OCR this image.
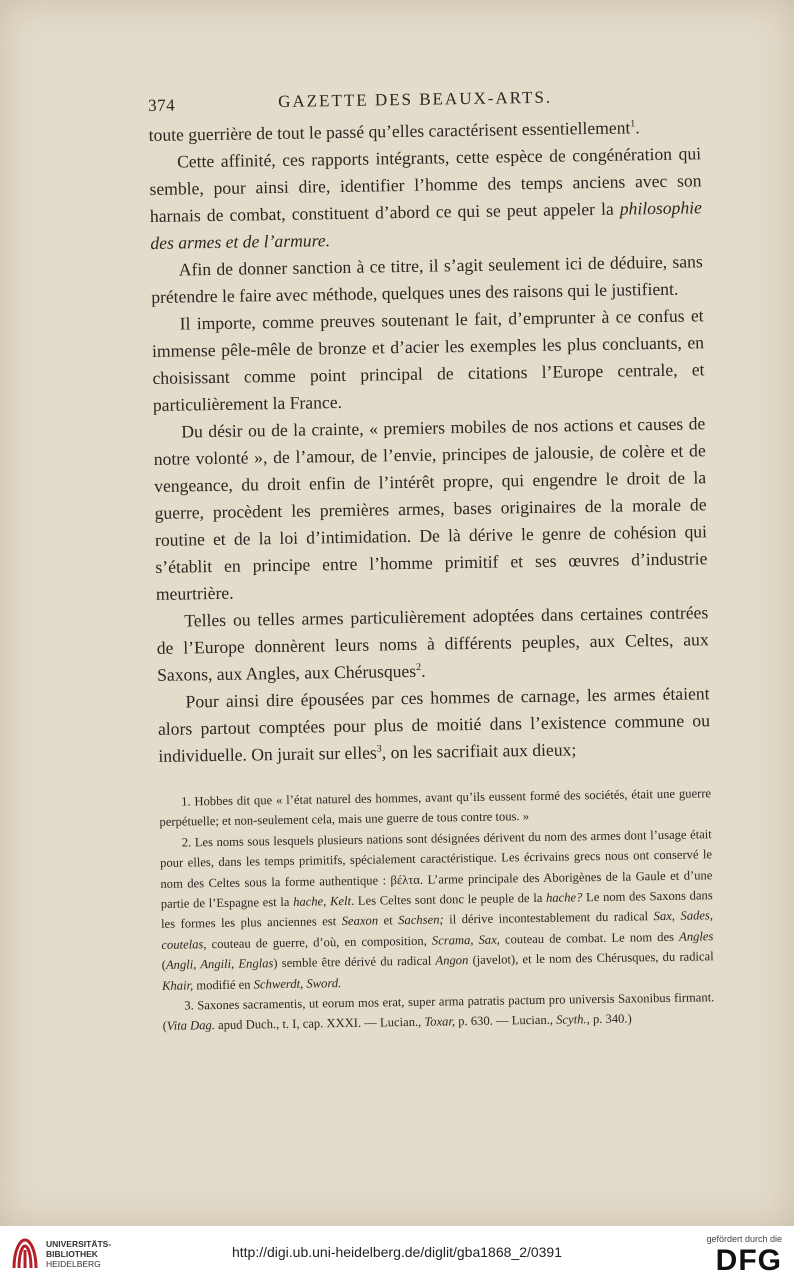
374	GAZETTE DES BEAUX-ARTS.

toute guerrière de tout le passé qu’elles caractérisent essentiellement$^1$.

Cette affinité, ces rapports intégrants, cette espèce de congénération qui semble, pour ainsi dire, identifier l’homme des temps anciens avec son harnais de combat, constituent d’abord ce qui se peut appeler la philosophie des armes et de l’armure.

Afin de donner sanction à ce titre, il s’agit seulement ici de déduire, sans prétendre le faire avec méthode, quelques unes des raisons qui le justifient.

Il importe, comme preuves soutenant le fait, d’emprunter à ce confus et immense pêle-mêle de bronze et d’acier les exemples les plus concluants, en choisissant comme point principal de citations l’Europe centrale, et particulièrement la France.

Du désir ou de la crainte, « premiers mobiles de nos actions et causes de notre volonté », de l’amour, de l’envie, principes de jalousie, de colère et de vengeance, du droit enfin de l’intérêt propre, qui engendre le droit de la guerre, procèdent les premières armes, bases originaires de la morale de routine et de la loi d’intimidation. De là dérive le genre de cohésion qui s’établit en principe entre l’homme primitif et ses œuvres d’industrie meurtrière.

Telles ou telles armes particulièrement adoptées dans certaines contrées de l’Europe donnèrent leurs noms à différents peuples, aux Celtes, aux Saxons, aux Angles, aux Chérusques$^2$.

Pour ainsi dire épousées par ces hommes de carnage, les armes étaient alors partout comptées pour plus de moitié dans l’existence commune ou individuelle. On jurait sur elles$^3$, on les sacrifiait aux dieux;

1. Hobbes dit que « l’état naturel des hommes, avant qu’ils eussent formé des sociétés, était une guerre perpétuelle; et non-seulement cela, mais une guerre de tous contre tous. »

2. Les noms sous lesquels plusieurs nations sont désignées dérivent du nom des armes dont l’usage était pour elles, dans les temps primitifs, spécialement caractéristique. Les écrivains grecs nous ont conservé le nom des Celtes sous la forme authentique : βέλτα. L’arme principale des Aborigènes de la Gaule et d’une partie de l’Espagne est la hache, Kelt. Les Celtes sont donc le peuple de la hache? Le nom des Saxons dans les formes les plus anciennes est Seaxon et Sachsen; il dérive incontestablement du radical Sax, Sades, coutelas, couteau de guerre, d’où, en composition, Scrama, Sax, couteau de combat. Le nom des Angles (Angli, Angili, Englas) semble être dérivé du radical Angon (javelot), et le nom des Chérusques, du radical Khair, modifié en Schwerdt, Sword.

3. Saxones sacramentis, ut eorum mos erat, super arma patratis pactum pro universis Saxonibus firmant. (Vita Dag. apud Duch., t. I, cap. XXXI. — Lucian., Toxar, p. 630. — Lucian., Scyth., p. 340.)

UNIVERSITÄTS-
BIBLIOTHEK
HEIDELBERG
http://digi.ub.uni-heidelberg.de/diglit/gba1868_2/0391
gefördert durch die
DFG
